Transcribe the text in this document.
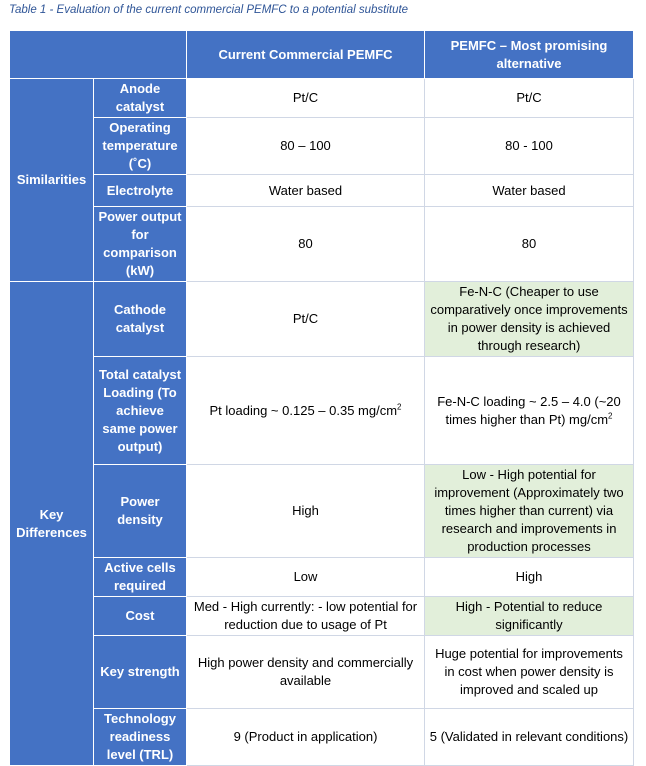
Table 1 - Evaluation of the current commercial PEMFC to a potential substitute
		Current Commercial PEMFC	PEMFC – Most promising alternative
Similarities	Anode catalyst	Pt/C	Pt/C
	Operating temperature (˚C)	80 – 100	80 - 100
	Electrolyte	Water based	Water based
	Power output for comparison (kW)	80	80
Key Differences	Cathode catalyst	Pt/C	Fe-N-C (Cheaper to use comparatively once improvements in power density is achieved through research)
	Total catalyst Loading (To achieve same power output)	Pt loading ~ 0.125 – 0.35 $mg/cm^2$	Fe-N-C loading ~ 2.5 – 4.0 (~20 times higher than Pt) $mg/cm^2$
	Power density	High	Low - High potential for improvement (Approximately two times higher than current) via research and improvements in production processes
	Active cells required	Low	High
	Cost	Med - High currently: - low potential for reduction due to usage of Pt	High - Potential to reduce significantly
	Key strength	High power density and commercially available	Huge potential for improvements in cost when power density is improved and scaled up
	Technology readiness level (TRL)	9 (Product in application)	5 (Validated in relevant conditions)
